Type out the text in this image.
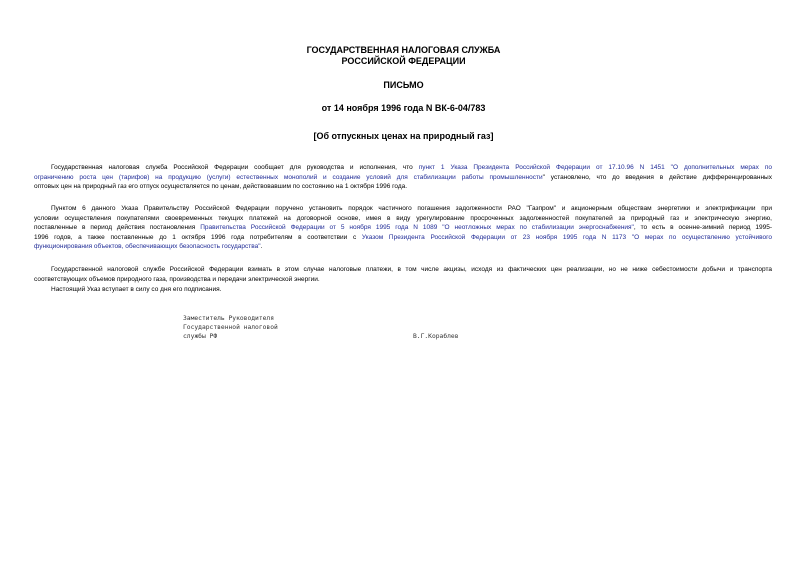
ГОСУДАРСТВЕННАЯ НАЛОГОВАЯ СЛУЖБА
РОССИЙСКОЙ ФЕДЕРАЦИИ
ПИСЬМО
от 14 ноября 1996 года N ВК-6-04/783
[Об отпускных ценах на природный газ]
Государственная налоговая служба Российской Федерации сообщает для руководства и исполнения, что пункт 1 Указа Президента Российской Федерации от 17.10.96 N 1451 "О дополнительных мерах по
ограничению роста цен (тарифов) на продукцию (услуги) естественных монополий и создание условий для стабилизации работы промышленности" установлено, что до введения в действие дифференцированных
оптовых цен на природный газ его отпуск осуществляется по ценам, действовавшим по состоянию на 1 октября 1996 года.
Пунктом 6 данного Указа Правительству Российской Федерации поручено установить порядок частичного погашения задолженности РАО "Газпром" и акционерным обществам энергетики и электрификации при
условии осуществления покупателями своевременных текущих платежей на договорной основе, имея в виду урегулирование просроченных задолженностей покупателей за природный газ и электрическую энергию,
поставленные в период действия постановления Правительства Российской Федерации от 5 ноября 1995 года N 1089 "О неотложных мерах по стабилизации энергоснабжения", то есть в осенне-зимний период 1995-
1996 годов, а также поставленные до 1 октября 1996 года потребителям в соответствии с Указом Президента Российской Федерации от 23 ноября 1995 года N 1173 "О мерах по осуществлению устойчивого
функционирования объектов, обеспечивающих безопасность государства".
Государственной налоговой службе Российской Федерации взимать в этом случае налоговые платежи, в том числе акцизы, исходя из фактических цен реализации, но не ниже себестоимости добычи и транспорта
соответствующих объемов природного газа, производства и передачи электрической энергии.
Настоящий Указ вступает в силу со дня его подписания.
Заместитель Руководителя
Государственной налоговой
службы РФ	В.Г.Кораблев
